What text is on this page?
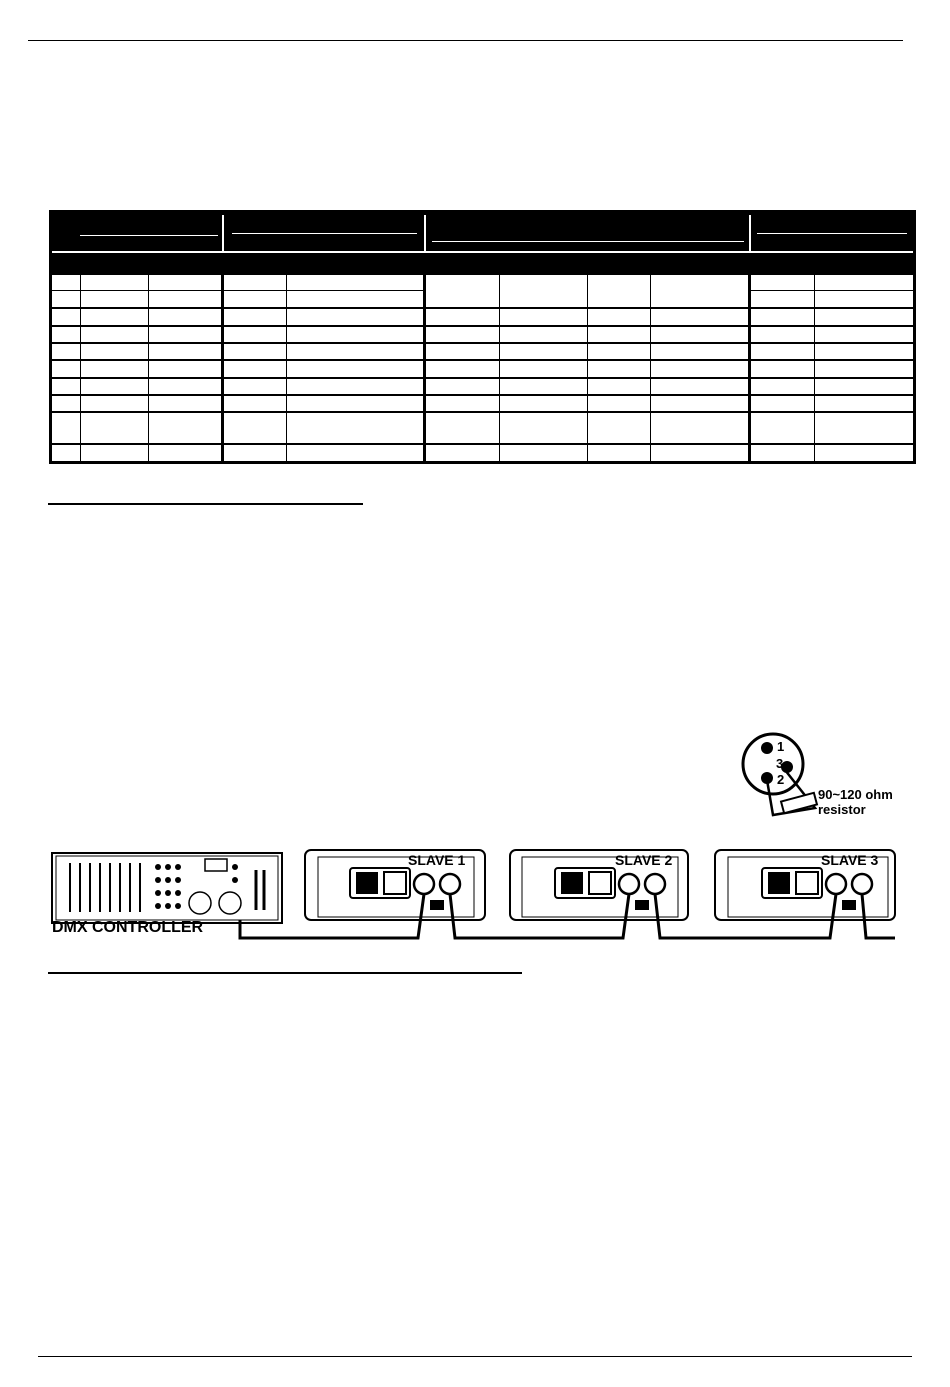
1
3
2
90~120 ohm
resistor
SLAVE 1	SLAVE 2	SLAVE 3
DMX CONTROLLER
